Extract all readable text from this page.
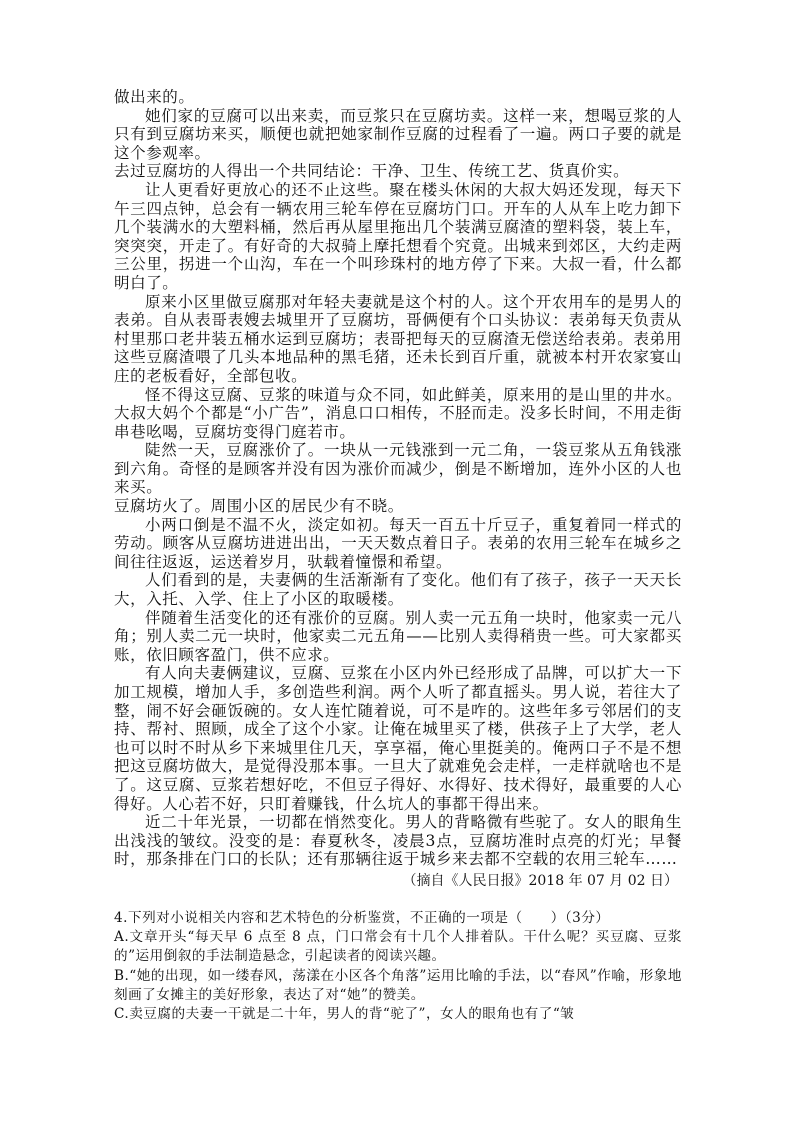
做出来的。

她们家的豆腐可以出来卖，而豆浆只在豆腐坊卖。这样一来，想喝豆浆的人只有到豆腐坊来买，顺便也就把她家制作豆腐的过程看了一遍。两口子要的就是这个参观率。

去过豆腐坊的人得出一个共同结论：干净、卫生、传统工艺、货真价实。

让人更看好更放心的还不止这些。聚在楼头休闲的大叔大妈还发现，每天下午三四点钟，总会有一辆农用三轮车停在豆腐坊门口。开车的人从车上吃力卸下几个装满水的大塑料桶，然后再从屋里拖出几个装满豆腐渣的塑料袋，装上车，突突突，开走了。有好奇的大叔骑上摩托想看个究竟。出城来到郊区，大约走两三公里，拐进一个山沟，车在一个叫珍珠村的地方停了下来。大叔一看，什么都明白了。

原来小区里做豆腐那对年轻夫妻就是这个村的人。这个开农用车的是男人的表弟。自从表哥表嫂去城里开了豆腐坊，哥俩便有个口头协议：表弟每天负责从村里那口老井装五桶水运到豆腐坊；表哥把每天的豆腐渣无偿送给表弟。表弟用这些豆腐渣喂了几头本地品种的黑毛猪，还未长到百斤重，就被本村开农家宴山庄的老板看好，全部包收。

怪不得这豆腐、豆浆的味道与众不同，如此鲜美，原来用的是山里的井水。大叔大妈个个都是“小广告”，消息口口相传，不胫而走。没多长时间，不用走街串巷吆喝，豆腐坊变得门庭若市。

陡然一天，豆腐涨价了。一块从一元钱涨到一元二角，一袋豆浆从五角钱涨到六角。奇怪的是顾客并没有因为涨价而减少，倒是不断增加，连外小区的人也来买。

豆腐坊火了。周围小区的居民少有不晓。

小两口倒是不温不火，淡定如初。每天一百五十斤豆子，重复着同一样式的劳动。顾客从豆腐坊进进出出，一天天数点着日子。表弟的农用三轮车在城乡之间往往返返，运送着岁月，驮载着憧憬和希望。

人们看到的是，夫妻俩的生活渐渐有了变化。他们有了孩子，孩子一天天长大，入托、入学、住上了小区的取暖楼。

伴随着生活变化的还有涨价的豆腐。别人卖一元五角一块时，他家卖一元八角；别人卖二元一块时，他家卖二元五角——比别人卖得稍贵一些。可大家都买账，依旧顾客盈门，供不应求。

有人向夫妻俩建议，豆腐、豆浆在小区内外已经形成了品牌，可以扩大一下加工规模，增加人手，多创造些利润。两个人听了都直摇头。男人说，若往大了整，闹不好会砸饭碗的。女人连忙随着说，可不是咋的。这些年多亏邻居们的支持、帮衬、照顾，成全了这个小家。让俺在城里买了楼，供孩子上了大学，老人也可以时不时从乡下来城里住几天，享享福，俺心里挺美的。俺两口子不是不想把这豆腐坊做大，是觉得没那本事。一旦大了就难免会走样，一走样就啥也不是了。这豆腐、豆浆若想好吃，不但豆子得好、水得好、技术得好，最重要的人心得好。人心若不好，只盯着赚钱，什么坑人的事都干得出来。

近二十年光景，一切都在悄然变化。男人的背略微有些驼了。女人的眼角生出浅浅的皱纹。没变的是：春夏秋冬，凌晨3点，豆腐坊准时点亮的灯光；早餐时，那条排在门口的长队；还有那辆往返于城乡来去都不空载的农用三轮车……

（摘自《人民日报》2018 年 07 月 02 日）

4.下列对小说相关内容和艺术特色的分析鉴赏，不正确的一项是（　　）（3分）

A.文章开头“每天早 6 点至 8 点，门口常会有十几个人排着队。干什么呢？买豆腐、豆浆的”运用倒叙的手法制造悬念，引起读者的阅读兴趣。

B.“她的出现，如一缕春风，荡漾在小区各个角落”运用比喻的手法，以“春风”作喻，形象地刻画了女摊主的美好形象，表达了对“她”的赞美。

C.卖豆腐的夫妻一干就是二十年，男人的背“驼了”，女人的眼角也有了“皱
